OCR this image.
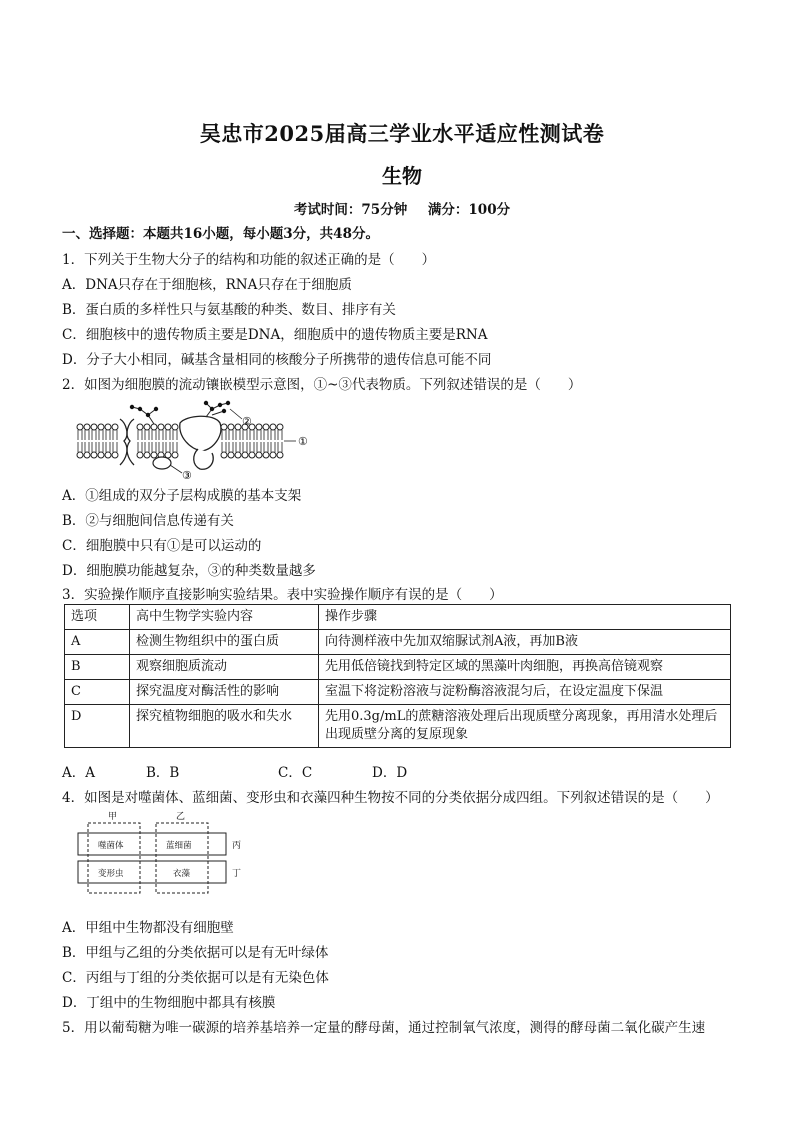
吴忠市2025届高三学业水平适应性测试卷
生物
考试时间：75分钟 满分：100分
一、选择题：本题共16小题，每小题3分，共48分。
1．下列关于生物大分子的结构和功能的叙述正确的是（　　）
A．DNA只存在于细胞核，RNA只存在于细胞质
B．蛋白质的多样性只与氨基酸的种类、数目、排序有关
C．细胞核中的遗传物质主要是DNA，细胞质中的遗传物质主要是RNA
D．分子大小相同，碱基含量相同的核酸分子所携带的遗传信息可能不同
2．如图为细胞膜的流动镶嵌模型示意图，①~③代表物质。下列叙述错误的是（　　）
②
①
③
A．①组成的双分子层构成膜的基本支架
B．②与细胞间信息传递有关
C．细胞膜中只有①是可以运动的
D．细胞膜功能越复杂，③的种类数量越多
3．实验操作顺序直接影响实验结果。表中实验操作顺序有误的是（　　）
选项	高中生物学实验内容	操作步骤
A	检测生物组织中的蛋白质	向待测样液中先加双缩脲试剂A液，再加B液
B	观察细胞质流动	先用低倍镜找到特定区域的黑藻叶肉细胞，再换高倍镜观察
C	探究温度对酶活性的影响	室温下将淀粉溶液与淀粉酶溶液混匀后，在设定温度下保温
D	探究植物细胞的吸水和失水	先用0.3g/mL的蔗糖溶液处理后出现质壁分离现象，再用清水处理后出现质壁分离的复原现象
A．A	B．B	C．C	D．D
4．如图是对噬菌体、蓝细菌、变形虫和衣藻四种生物按不同的分类依据分成四组。下列叙述错误的是（　　）
甲	乙
丙
丁
噬菌体	蓝细菌
变形虫	衣藻
A．甲组中生物都没有细胞壁
B．甲组与乙组的分类依据可以是有无叶绿体
C．丙组与丁组的分类依据可以是有无染色体
D．丁组中的生物细胞中都具有核膜
5．用以葡萄糖为唯一碳源的培养基培养一定量的酵母菌，通过控制氧气浓度，测得的酵母菌二氧化碳产生速
